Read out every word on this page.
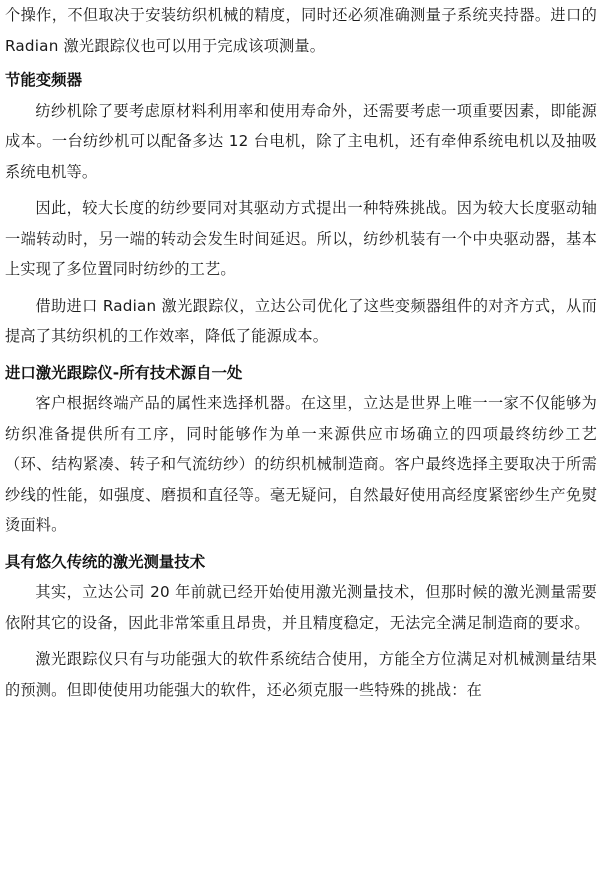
个操作，不但取决于安装纺织机械的精度，同时还必须准确测量子系统夹持器。进口的 Radian 激光跟踪仪也可以用于完成该项测量。

节能变频器

纺纱机除了要考虑原材料利用率和使用寿命外，还需要考虑一项重要因素，即能源成本。一台纺纱机可以配备多达 12 台电机，除了主电机，还有牵伸系统电机以及抽吸系统电机等。

因此，较大长度的纺纱要同对其驱动方式提出一种特殊挑战。因为较大长度驱动轴一端转动时，另一端的转动会发生时间延迟。所以，纺纱机装有一个中央驱动器，基本上实现了多位置同时纺纱的工艺。

借助进口 Radian 激光跟踪仪，立达公司优化了这些变频器组件的对齐方式，从而提高了其纺织机的工作效率，降低了能源成本。

进口激光跟踪仪-所有技术源自一处

客户根据终端产品的属性来选择机器。在这里，立达是世界上唯一一家不仅能够为纺织准备提供所有工序，同时能够作为单一来源供应市场确立的四项最终纺纱工艺（环、结构紧凑、转子和气流纺纱）的纺织机械制造商。客户最终选择主要取决于所需纱线的性能，如强度、磨损和直径等。毫无疑问，自然最好使用高经度紧密纱生产免熨烫面料。

具有悠久传统的激光测量技术

其实，立达公司 20 年前就已经开始使用激光测量技术，但那时候的激光测量需要依附其它的设备，因此非常笨重且昂贵，并且精度稳定，无法完全满足制造商的要求。

激光跟踪仪只有与功能强大的软件系统结合使用，方能全方位满足对机械测量结果的预测。但即使使用功能强大的软件，还必须克服一些特殊的挑战：在
